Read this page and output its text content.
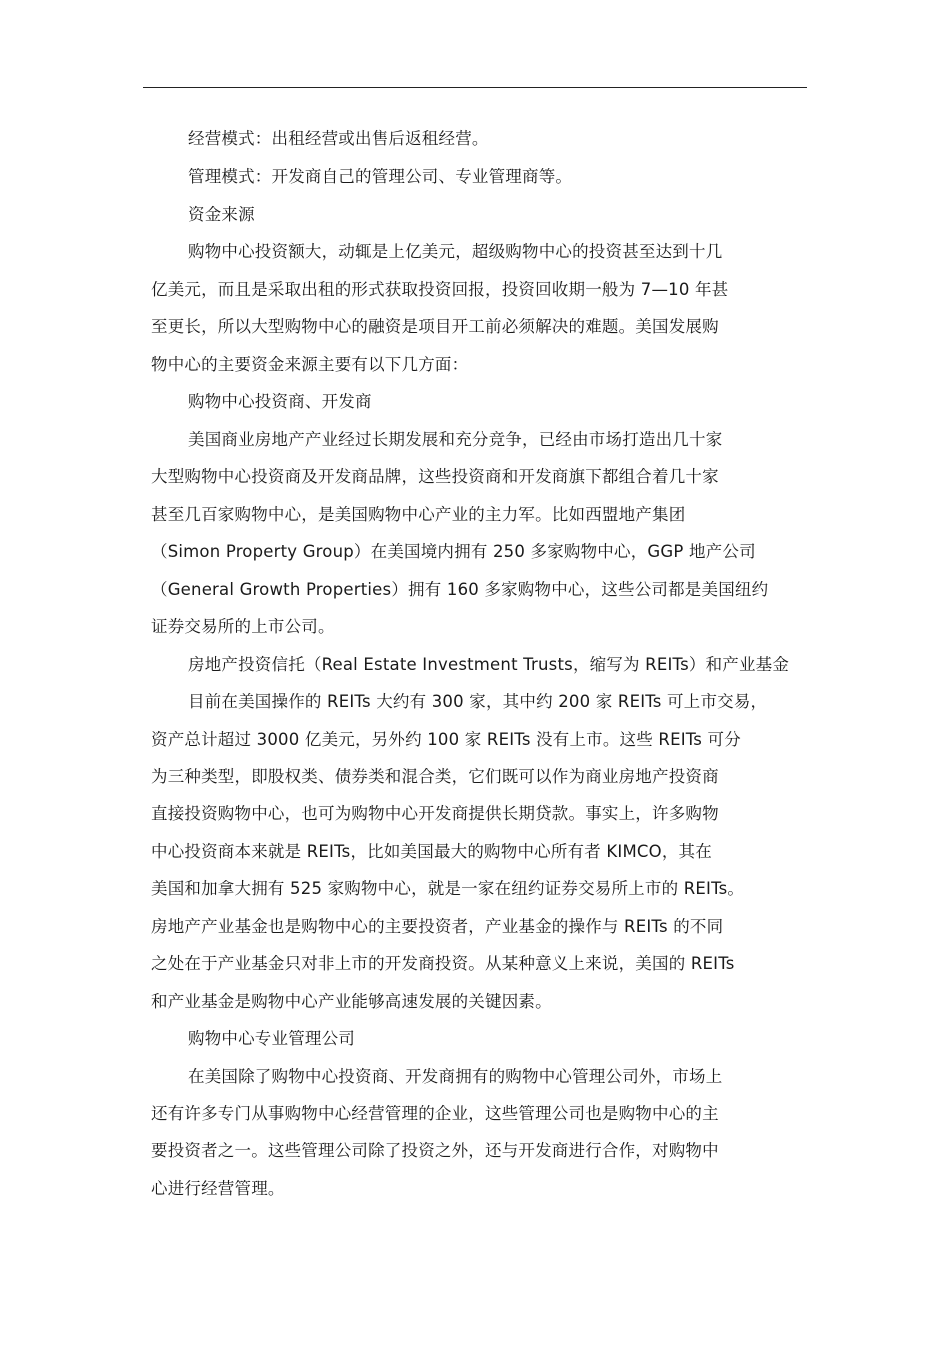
经营模式：出租经营或出售后返租经营。
管理模式：开发商自己的管理公司、专业管理商等。
资金来源
购物中心投资额大，动辄是上亿美元，超级购物中心的投资甚至达到十几
亿美元，而且是采取出租的形式获取投资回报，投资回收期一般为 7—10 年甚
至更长，所以大型购物中心的融资是项目开工前必须解决的难题。美国发展购
物中心的主要资金来源主要有以下几方面：
购物中心投资商、开发商
美国商业房地产产业经过长期发展和充分竞争，已经由市场打造出几十家
大型购物中心投资商及开发商品牌，这些投资商和开发商旗下都组合着几十家
甚至几百家购物中心，是美国购物中心产业的主力军。比如西盟地产集团
（Simon Property Group）在美国境内拥有 250 多家购物中心，GGP 地产公司
（General Growth Properties）拥有 160 多家购物中心，这些公司都是美国纽约
证券交易所的上市公司。
房地产投资信托（Real Estate Investment Trusts，缩写为 REITs）和产业基金
目前在美国操作的 REITs 大约有 300 家，其中约 200 家 REITs 可上市交易，
资产总计超过 3000 亿美元，另外约 100 家 REITs 没有上市。这些 REITs 可分
为三种类型，即股权类、债券类和混合类，它们既可以作为商业房地产投资商
直接投资购物中心，也可为购物中心开发商提供长期贷款。事实上，许多购物
中心投资商本来就是 REITs，比如美国最大的购物中心所有者 KIMCO，其在
美国和加拿大拥有 525 家购物中心，就是一家在纽约证券交易所上市的 REITs。
房地产产业基金也是购物中心的主要投资者，产业基金的操作与 REITs 的不同
之处在于产业基金只对非上市的开发商投资。从某种意义上来说，美国的 REITs
和产业基金是购物中心产业能够高速发展的关键因素。
购物中心专业管理公司
在美国除了购物中心投资商、开发商拥有的购物中心管理公司外，市场上
还有许多专门从事购物中心经营管理的企业，这些管理公司也是购物中心的主
要投资者之一。这些管理公司除了投资之外，还与开发商进行合作，对购物中
心进行经营管理。
